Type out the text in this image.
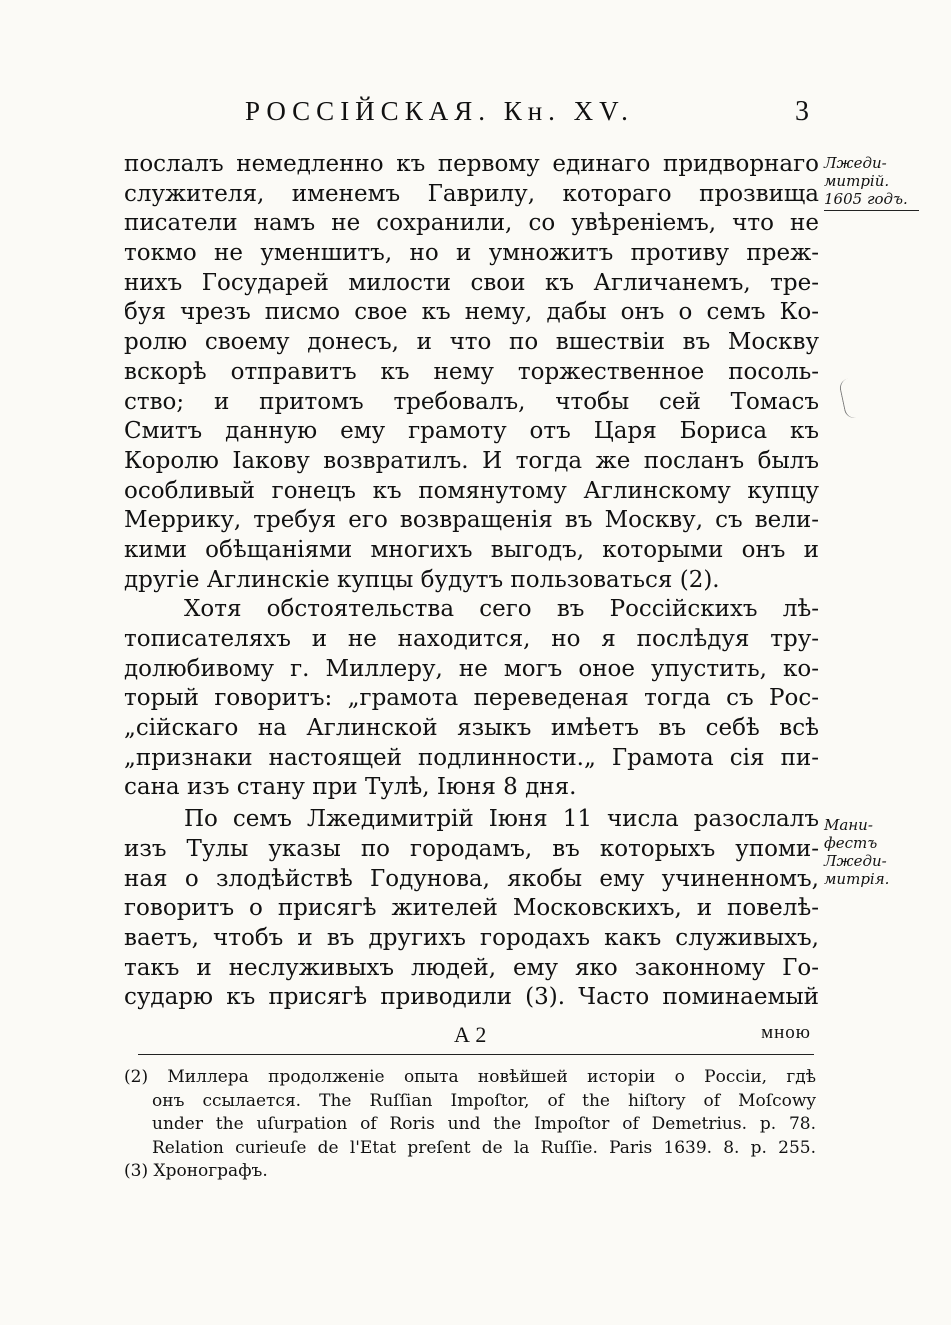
РОССІЙСКАЯ. Кн. XV.	3
послалъ немедленно къ первому единаго придворнаго
служителя, именемъ Гаврилу, котораго прозвища
писатели намъ не сохранили, со увѣреніемъ, что не
токмо не уменшитъ, но и умножитъ противу преж-
нихъ Государей милости свои къ Агличанемъ, тре-
буя чрезъ писмо свое къ нему, дабы онъ о семъ Ко-
ролю своему донесъ, и что по вшествіи въ Москву
вскорѣ отправитъ къ нему торжественное посоль-
ство; и притомъ требовалъ, чтобы сей Томасъ
Смитъ данную ему грамоту отъ Царя Бориса къ
Королю Іакову возвратилъ. И тогда же посланъ былъ
особливый гонецъ къ помянутому Аглинскому купцу
Меррику, требуя его возвращенія въ Москву, съ вели-
кими обѣщаніями многихъ выгодъ, которыми онъ и
другіе Аглинскіе купцы будутъ пользоваться (2).
Хотя обстоятельства сего въ Россійскихъ лѣ-
тописателяхъ и не находится, но я послѣдуя тру-
долюбивому г. Миллеру, не могъ оное упустить, ко-
торый говоритъ: „грамота переведеная тогда съ Рос-
„сійскаго на Аглинской языкъ имѣетъ въ себѣ всѣ
„признаки настоящей подлинности.„ Грамота сія пи-
сана изъ стану при Тулѣ, Іюня 8 дня.
По семъ Лжедимитрій Іюня 11 числа разослалъ
изъ Тулы указы по городамъ, въ которыхъ упоми-
ная о злодѣйствѣ Годунова, якобы ему учиненномъ,
говоритъ о присягѣ жителей Московскихъ, и повелѣ-
ваетъ, чтобъ и въ другихъ городахъ какъ служивыхъ,
такъ и неслуживыхъ людей, ему яко законному Го-
сударю къ присягѣ приводили (3). Часто поминаемый
А 2	мною
(2) Миллера продолженіе опыта новѣйшей исторіи о Россіи, гдѣ
онъ ссылается. The Ruſſian Impoſtor, of the hiſtory of Moſcowy
under the uſurpation of Roris und the Impoſtor of Demetrius. p. 78.
Relation curieuſe de l'Etat preſent de la Ruſſie. Paris 1639. 8. p. 255.
(3) Хронографъ.
Лжеди-
митрій.
1605 годъ.
Мани-
фестъ
Лжеди-
митрія.
